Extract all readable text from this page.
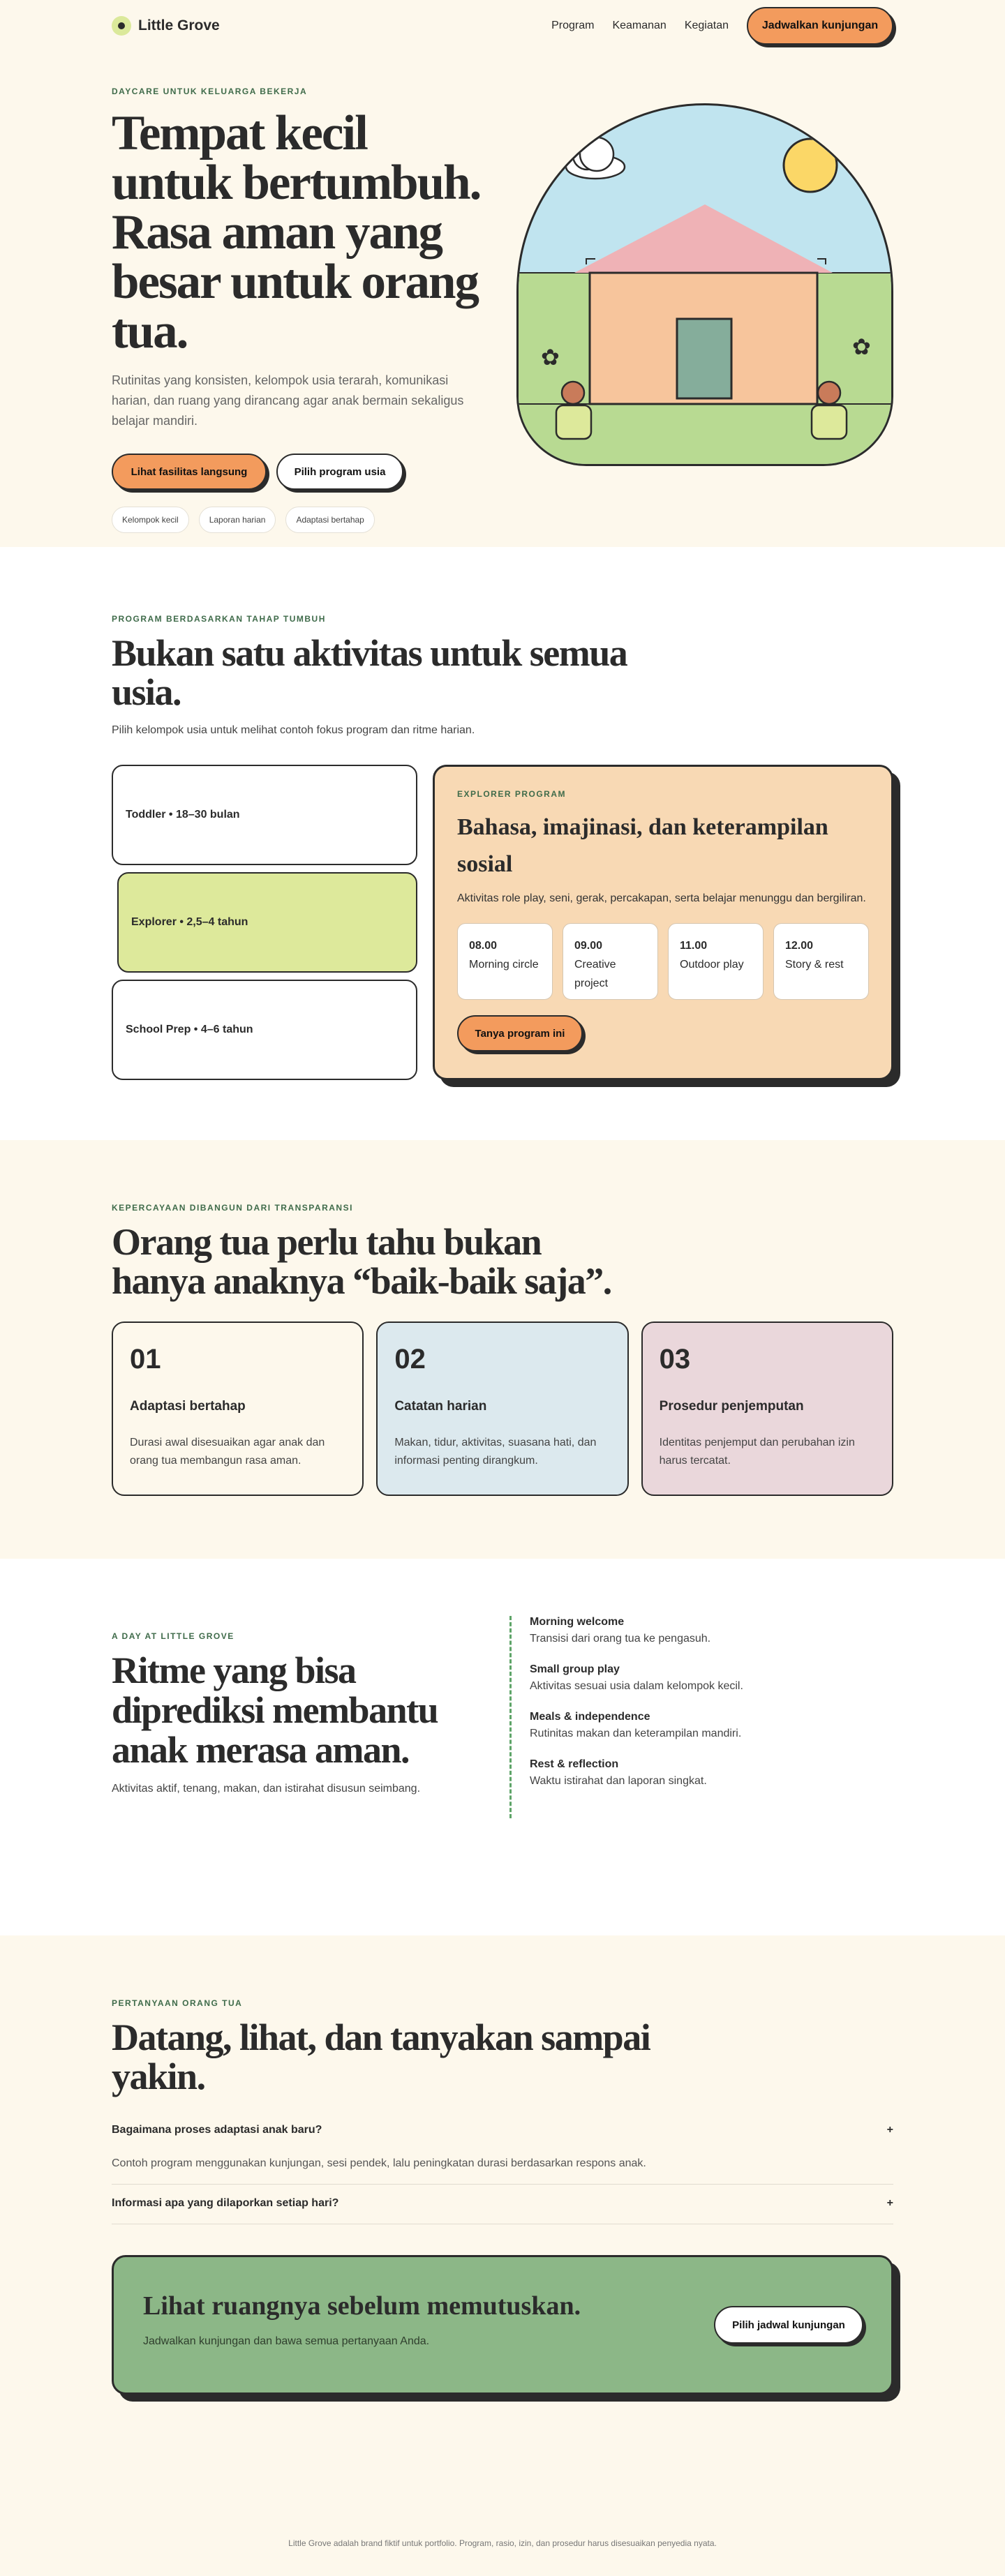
Little Grove	Program Keamanan Kegiatan	Jadwalkan kunjungan
DAYCARE UNTUK KELUARGA BEKERJA
Tempat kecil untuk bertumbuh. Rasa aman yang besar untuk orang tua.

Rutinitas yang konsisten, kelompok usia terarah, komunikasi harian, dan ruang yang dirancang agar anak bermain sekaligus belajar mandiri.

Lihat fasilitas langsung	Pilih program usia
Kelompok kecil	Laporan harian	Adaptasi bertahap
✿	✿
PROGRAM BERDASARKAN TAHAP TUMBUH
Bukan satu aktivitas untuk semua usia.

Pilih kelompok usia untuk melihat contoh fokus program dan ritme harian.

Toddler • 18–30 bulan
Explorer • 2,5–4 tahun
School Prep • 4–6 tahun
EXPLORER PROGRAM
Bahasa, imajinasi, dan keterampilan sosial

Aktivitas role play, seni, gerak, percakapan, serta belajar menunggu dan bergiliran.

08.00
Morning circle
09.00
Creative project
11.00
Outdoor play
12.00
Story & rest
Tanya program ini
KEPERCAYAAN DIBANGUN DARI TRANSPARANSI
Orang tua perlu tahu bukan hanya anaknya “baik-baik saja”.
01
Adaptasi bertahap

Durasi awal disesuaikan agar anak dan orang tua membangun rasa aman.

02
Catatan harian

Makan, tidur, aktivitas, suasana hati, dan informasi penting dirangkum.

03
Prosedur penjemputan

Identitas penjemput dan perubahan izin harus tercatat.

A DAY AT LITTLE GROVE
Ritme yang bisa diprediksi membantu anak merasa aman.

Aktivitas aktif, tenang, makan, dan istirahat disusun seimbang.

Morning welcome
Transisi dari orang tua ke pengasuh.
Small group play
Aktivitas sesuai usia dalam kelompok kecil.
Meals & independence
Rutinitas makan dan keterampilan mandiri.
Rest & reflection
Waktu istirahat dan laporan singkat.
PERTANYAAN ORANG TUA
Datang, lihat, dan tanyakan sampai yakin.
Bagaimana proses adaptasi anak baru?	+
Contoh program menggunakan kunjungan, sesi pendek, lalu peningkatan durasi berdasarkan respons anak.
Informasi apa yang dilaporkan setiap hari?	+
Lihat ruangnya sebelum memutuskan.

Jadwalkan kunjungan dan bawa semua pertanyaan Anda.

Pilih jadwal kunjungan

Little Grove adalah brand fiktif untuk portfolio. Program, rasio, izin, dan prosedur harus disesuaikan penyedia nyata.
